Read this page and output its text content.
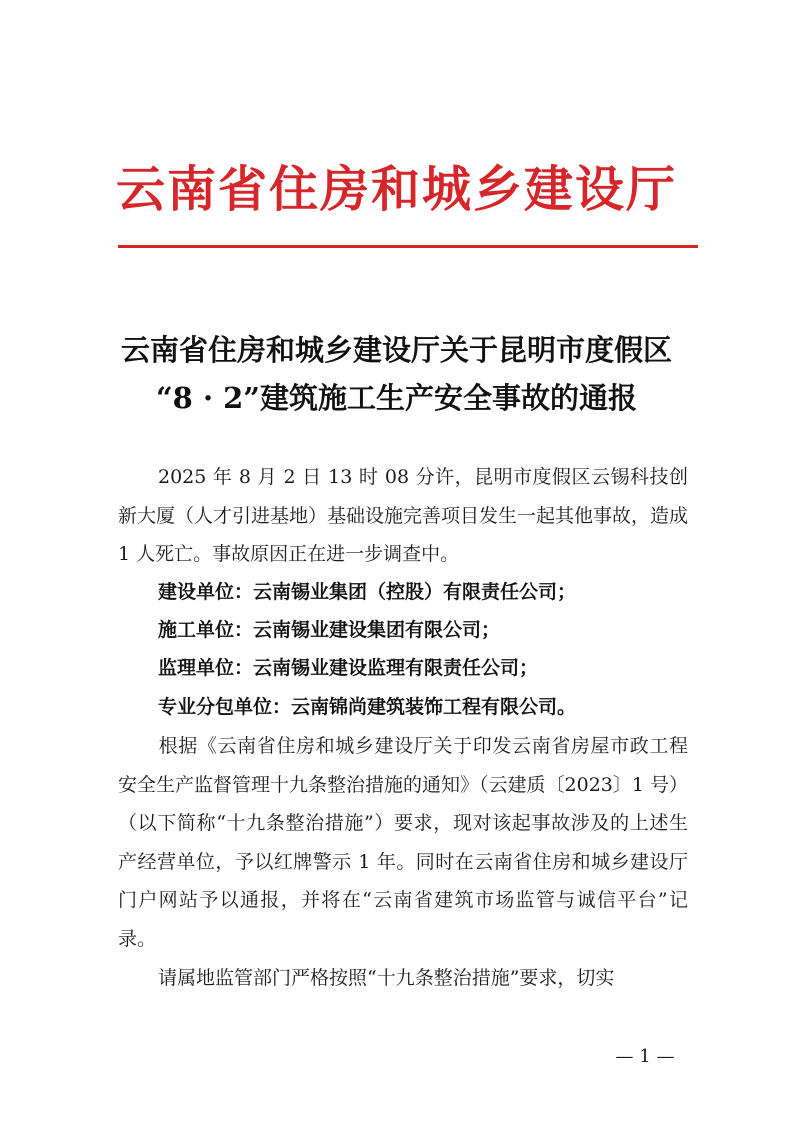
云南省住房和城乡建设厅
云南省住房和城乡建设厅关于昆明市度假区
“8 · 2”建筑施工生产安全事故的通报

2025 年 8 月 2 日 13 时 08 分许，昆明市度假区云锡科技创新大厦（人才引进基地）基础设施完善项目发生一起其他事故，造成 1 人死亡。事故原因正在进一步调查中。

建设单位：云南锡业集团（控股）有限责任公司；
施工单位：云南锡业建设集团有限公司；
监理单位：云南锡业建设监理有限责任公司；
专业分包单位：云南锦尚建筑装饰工程有限公司。

根据《云南省住房和城乡建设厅关于印发云南省房屋市政工程安全生产监督管理十九条整治措施的通知》（云建质〔2023〕1 号）（以下简称“十九条整治措施”）要求，现对该起事故涉及的上述生产经营单位，予以红牌警示 1 年。同时在云南省住房和城乡建设厅门户网站予以通报，并将在“云南省建筑市场监管与诚信平台”记录。

请属地监管部门严格按照“十九条整治措施”要求，切实

— 1 —
